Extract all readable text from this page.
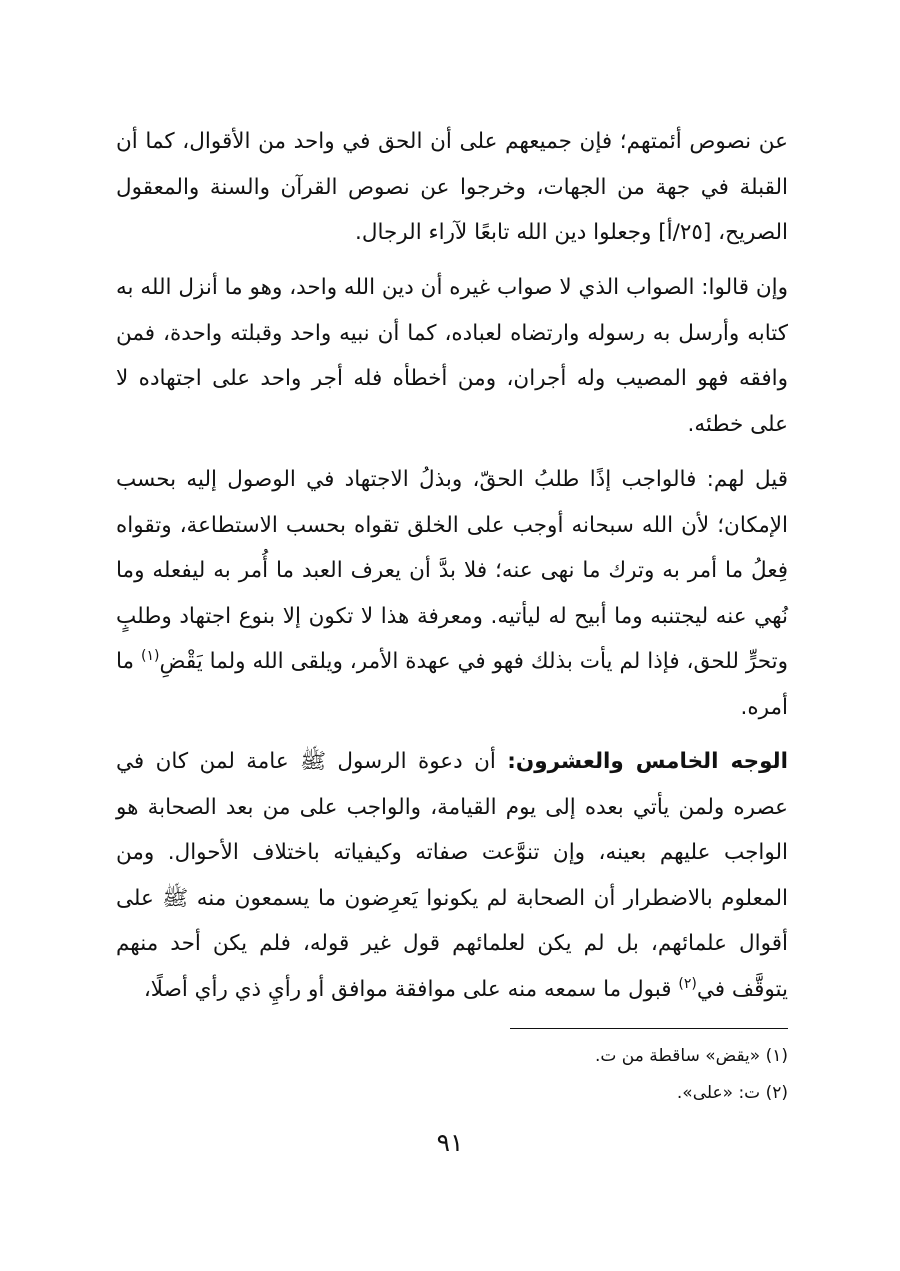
عن نصوص أئمتهم؛ فإن جميعهم على أن الحق في واحد من الأقوال، كما أن القبلة في جهة من الجهات، وخرجوا عن نصوص القرآن والسنة والمعقول الصريح، [٢٥/أ] وجعلوا دين الله تابعًا لآراء الرجال.

وإن قالوا: الصواب الذي لا صواب غيره أن دين الله واحد، وهو ما أنزل الله به كتابه وأرسل به رسوله وارتضاه لعباده، كما أن نبيه واحد وقبلته واحدة، فمن وافقه فهو المصيب وله أجران، ومن أخطأه فله أجر واحد على اجتهاده لا على خطئه.

قيل لهم: فالواجب إذًا طلبُ الحقّ، وبذلُ الاجتهاد في الوصول إليه بحسب الإمكان؛ لأن الله سبحانه أوجب على الخلق تقواه بحسب الاستطاعة، وتقواه فِعلُ ما أمر به وترك ما نهى عنه؛ فلا بدَّ أن يعرف العبد ما أُمر به ليفعله وما نُهي عنه ليجتنبه وما أبيح له ليأتيه. ومعرفة هذا لا تكون إلا بنوع اجتهاد وطلبٍ وتحرٍّ للحق، فإذا لم يأت بذلك فهو في عهدة الأمر، ويلقى الله ولما يَقْضِ$^{(١)}$ ما أمره.

الوجه الخامس والعشرون: أن دعوة الرسول ﷺ عامة لمن كان في عصره ولمن يأتي بعده إلى يوم القيامة، والواجب على من بعد الصحابة هو الواجب عليهم بعينه، وإن تنوَّعت صفاته وكيفياته باختلاف الأحوال. ومن المعلوم بالاضطرار أن الصحابة لم يكونوا يَعرِضون ما يسمعون منه ﷺ على أقوال علمائهم، بل لم يكن لعلمائهم قول غير قوله، فلم يكن أحد منهم يتوقَّف في$^{(٢)}$ قبول ما سمعه منه على موافقة موافق أو رأيِ ذي رأي أصلًا،

(١) «يقض» ساقطة من ت.

(٢) ت: «على».

٩١
